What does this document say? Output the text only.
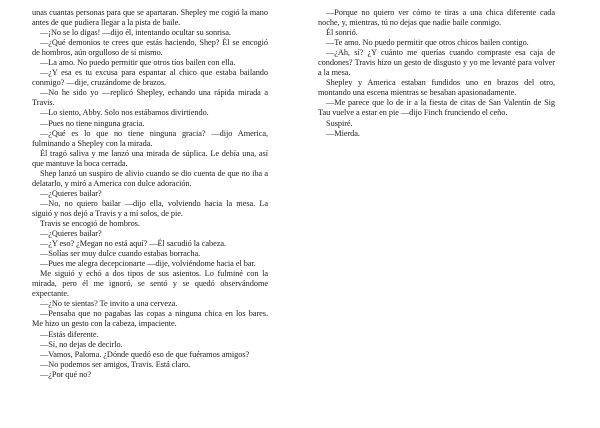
unas cuantas personas para que se apartaran. Shepley me cogió la mano antes de que pudiera llegar a la pista de baile.

—¡No se lo digas! —dijo él, intentando ocultar su sonrisa.

—¿Qué demonios te crees que estás haciendo, Shep? Él se encogió de hombros, aún orgulloso de sí mismo.

—La amo. No puedo permitir que otros tíos bailen con ella.

—¿Y esa es tu excusa para espantar al chico que estaba bailando conmigo? —dije, cruzándome de brazos.

—No he sido yo —replicó Shepley, echando una rápida mirada a Travis.

—Lo siento, Abby. Solo nos estábamos divirtiendo.

—Pues no tiene ninguna gracia.

—¿Qué es lo que no tiene ninguna gracia? —dijo America, fulminando a Shepley con la mirada.

Él tragó saliva y me lanzó una mirada de súplica. Le debía una, así que mantuve la boca cerrada.

Shep lanzó un suspiro de alivio cuando se dio cuenta de que no iba a delatarlo, y miró a America con dulce adoración.

—¿Quieres bailar?

—No, no quiero bailar —dijo ella, volviendo hacia la mesa. La siguió y nos dejó a Travis y a mí solos, de pie.

Travis se encogió de hombros.

—¿Quieres bailar?

—¿Y eso? ¿Megan no está aquí? —Él sacudió la cabeza.

—Solías ser muy dulce cuando estabas borracha.

—Pues me alegra decepcionarte —dije, volviéndome hacia el bar.

Me siguió y echó a dos tipos de sus asientos. Lo fulminé con la mirada, pero él me ignoró, se sentó y se quedó observándome expectante.

—¿No te sientas? Te invito a una cerveza.

—Pensaba que no pagabas las copas a ninguna chica en los bares. Me hizo un gesto con la cabeza, impaciente.

—Estás diferente.

—Sí, no dejas de decirlo.

—Vamos, Paloma. ¿Dónde quedó eso de que fuéramos amigos?

—No podemos ser amigos, Travis. Está claro.

—¿Por qué no?

—Porque no quiero ver cómo te tiras a una chica diferente cada noche, y, mientras, tú no dejas que nadie baile conmigo.

Él sonrió.

—Te amo. No puedo permitir que otros chicos bailen contigo.

—¿Ah, sí? ¿Y cuánto me querías cuando compraste esa caja de condones? Travis hizo un gesto de disgusto y yo me levanté para volver a la mesa.

Shepley y America estaban fundidos uno en brazos del otro, montando una escena mientras se besaban apasionadamente.

—Me parece que lo de ir a la fiesta de citas de San Valentín de Sig Tau vuelve a estar en pie —dijo Finch frunciendo el ceño.

Suspiré.

—Mierda.
